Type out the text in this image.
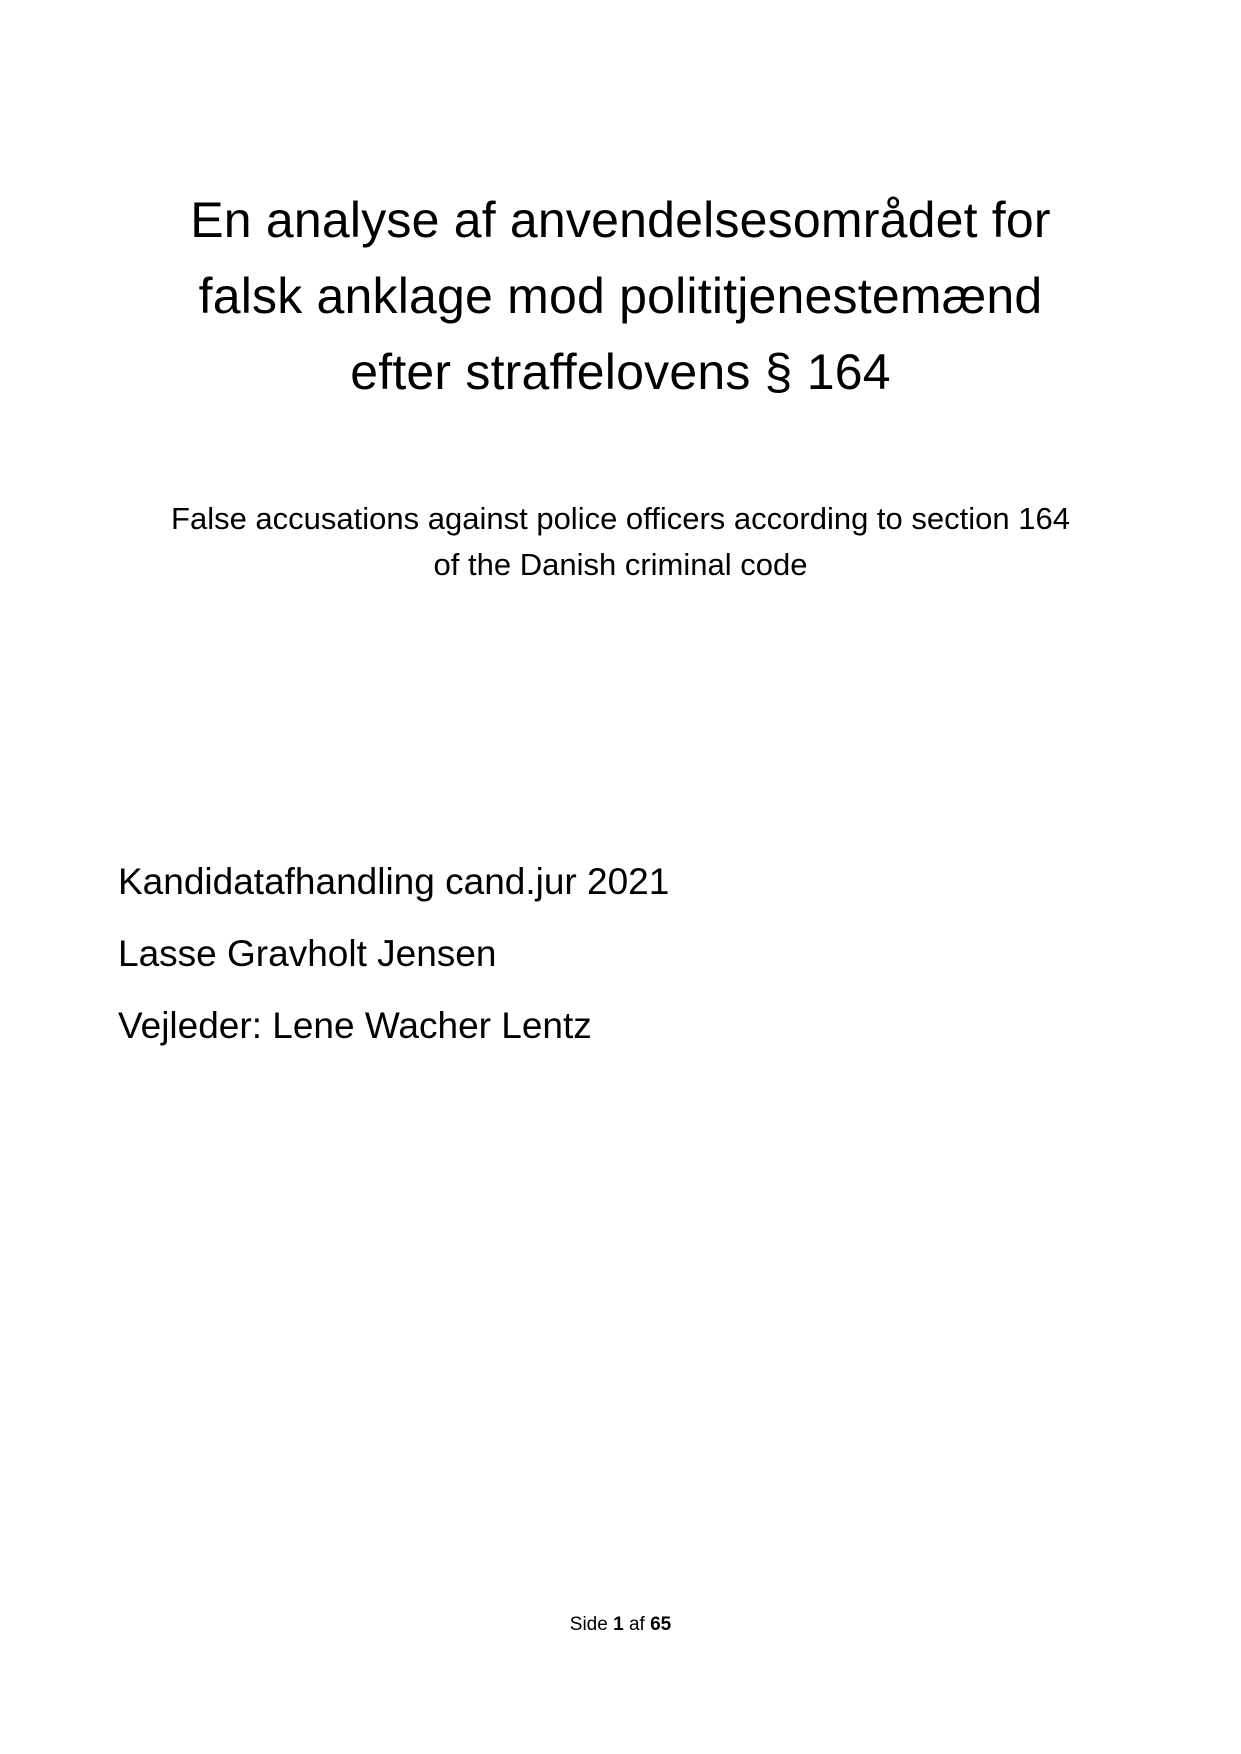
En analyse af anvendelsesområdet for
falsk anklage mod polititjenestemænd
efter straffelovens § 164
False accusations against police officers according to section 164
of the Danish criminal code
Kandidatafhandling cand.jur 2021
Lasse Gravholt Jensen
Vejleder: Lene Wacher Lentz
Side 1 af 65
